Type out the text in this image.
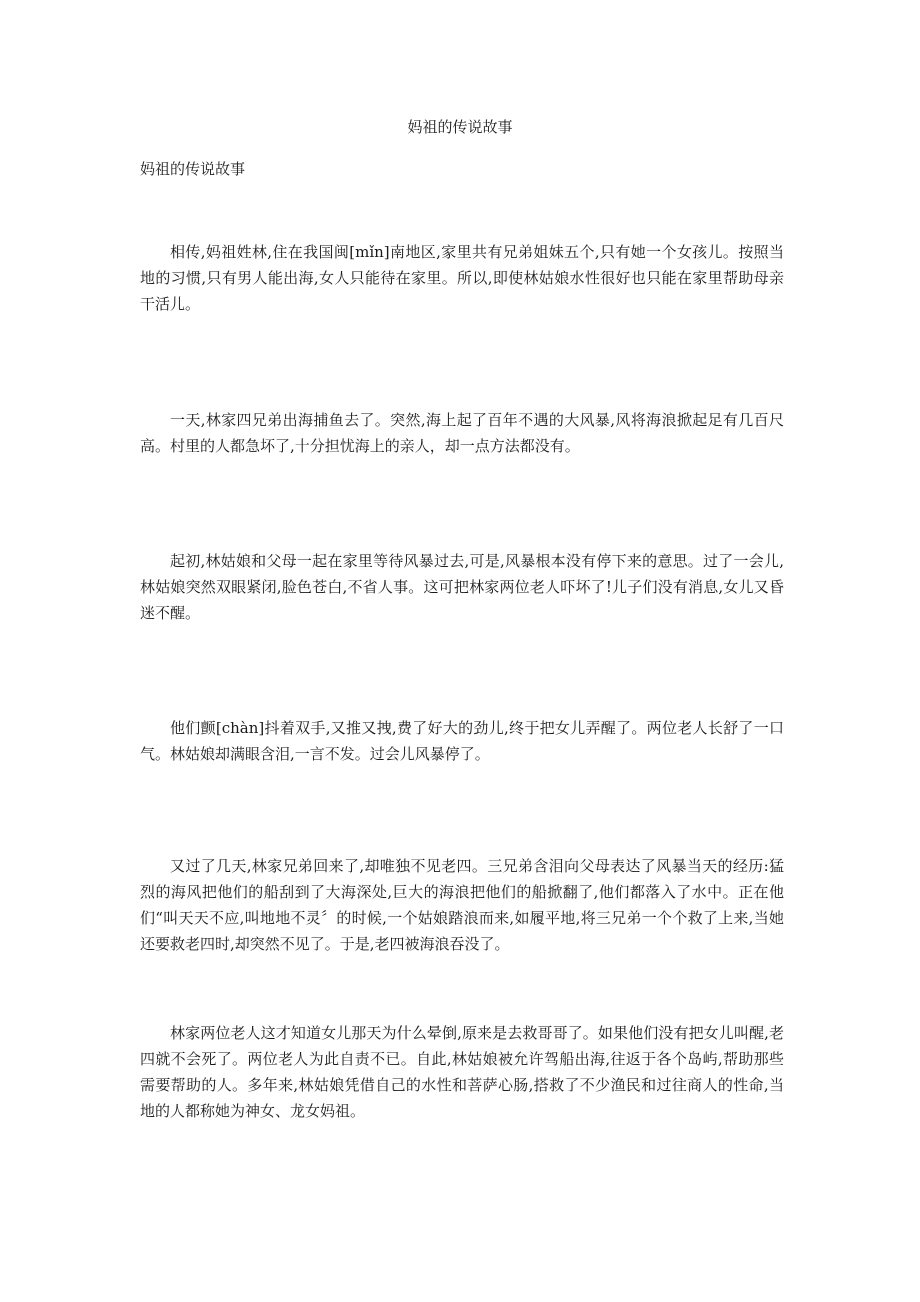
妈祖的传说故事
妈祖的传说故事

相传,妈祖姓林,住在我国闽[mǐn]南地区,家里共有兄弟姐妹五个,只有她一个女孩儿。按照当地的习惯,只有男人能出海,女人只能待在家里。所以,即使林姑娘水性很好也只能在家里帮助母亲干活儿。

一天,林家四兄弟出海捕鱼去了。突然,海上起了百年不遇的大风暴,风将海浪掀起足有几百尺高。村里的人都急坏了,十分担忧海上的亲人，却一点方法都没有。

起初,林姑娘和父母一起在家里等待风暴过去,可是,风暴根本没有停下来的意思。过了一会儿,林姑娘突然双眼紧闭,脸色苍白,不省人事。这可把林家两位老人吓坏了!儿子们没有消息,女儿又昏迷不醒。

他们颤[chàn]抖着双手,又推又拽,费了好大的劲儿,终于把女儿弄醒了。两位老人长舒了一口气。林姑娘却满眼含泪,一言不发。过会儿风暴停了。

又过了几天,林家兄弟回来了,却唯独不见老四。三兄弟含泪向父母表达了风暴当天的经历:猛烈的海风把他们的船刮到了大海深处,巨大的海浪把他们的船掀翻了,他们都落入了水中。正在他们“叫天天不应,叫地地不灵〞的时候,一个姑娘踏浪而来,如履平地,将三兄弟一个个救了上来,当她还要救老四时,却突然不见了。于是,老四被海浪吞没了。

林家两位老人这才知道女儿那天为什么晕倒,原来是去救哥哥了。如果他们没有把女儿叫醒,老四就不会死了。两位老人为此自责不已。自此,林姑娘被允许驾船出海,往返于各个岛屿,帮助那些需要帮助的人。多年来,林姑娘凭借自己的水性和菩萨心肠,搭救了不少渔民和过往商人的性命,当地的人都称她为神女、龙女妈祖。
